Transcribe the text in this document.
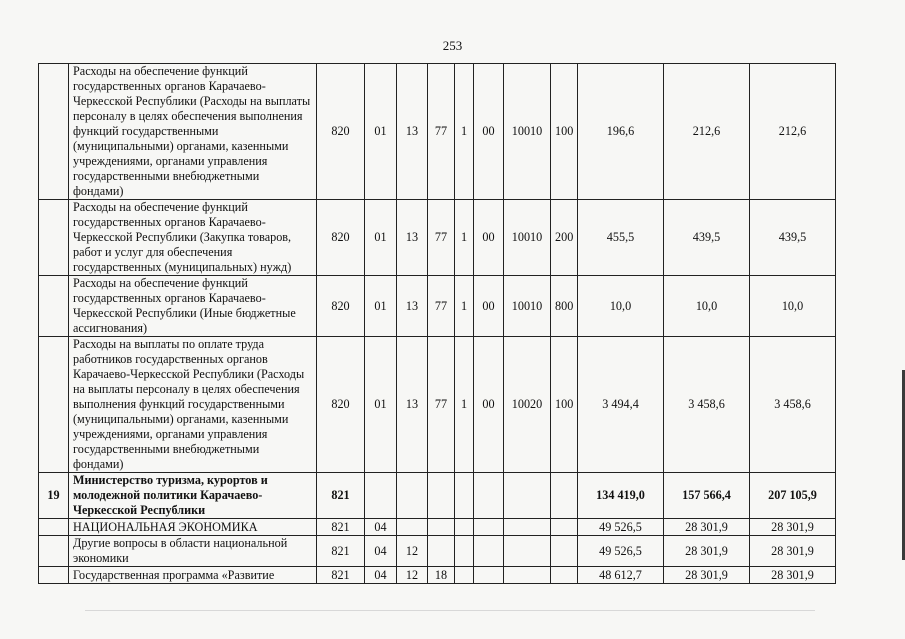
253
	Расходы на обеспечение функций государственных органов Карачаево-Черкесской Республики (Расходы на выплаты персоналу в целях обеспечения выполнения функций государственными (муниципальными) органами, казенными учреждениями, органами управления государственными внебюджетными фондами)	820	01	13	77	1	00	10010	100	196,6	212,6	212,6
	Расходы на обеспечение функций государственных органов Карачаево-Черкесской Республики (Закупка товаров, работ и услуг для обеспечения государственных (муниципальных) нужд)	820	01	13	77	1	00	10010	200	455,5	439,5	439,5
	Расходы на обеспечение функций государственных органов Карачаево-Черкесской Республики (Иные бюджетные ассигнования)	820	01	13	77	1	00	10010	800	10,0	10,0	10,0
	Расходы на выплаты по оплате труда работников государственных органов Карачаево-Черкесской Республики (Расходы на выплаты персоналу в целях обеспечения выполнения функций государственными (муниципальными) органами, казенными учреждениями, органами управления государственными внебюджетными фондами)	820	01	13	77	1	00	10020	100	3 494,4	3 458,6	3 458,6
19	Министерство туризма, курортов и молодежной политики Карачаево-Черкесской Республики	821								134 419,0	157 566,4	207 105,9
	НАЦИОНАЛЬНАЯ ЭКОНОМИКА	821	04							49 526,5	28 301,9	28 301,9
	Другие вопросы в области национальной экономики	821	04	12						49 526,5	28 301,9	28 301,9
	Государственная программа «Развитие	821	04	12	18					48 612,7	28 301,9	28 301,9
